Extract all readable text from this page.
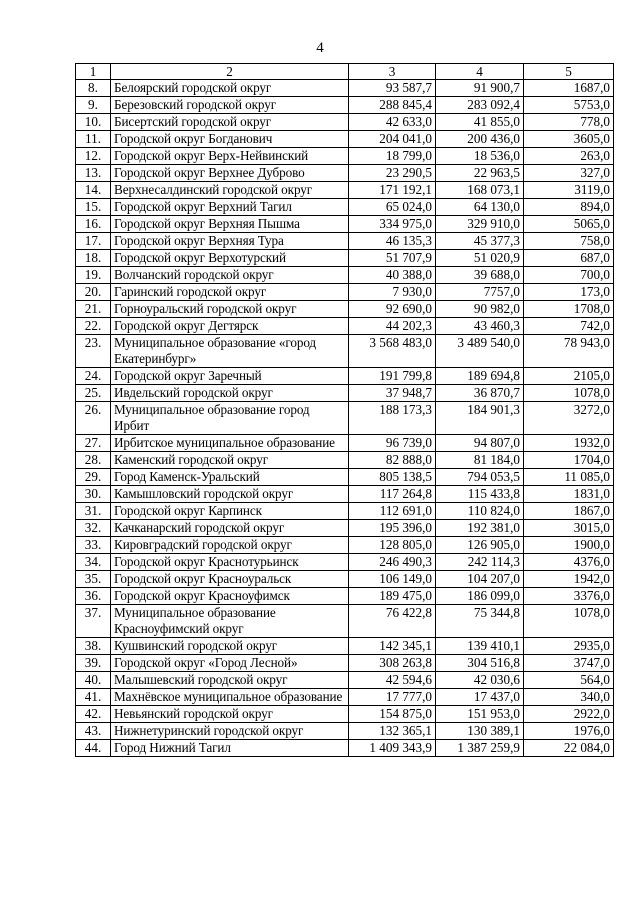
4
1	2	3	4	5
8.	Белоярский городской округ	93 587,7	91 900,7	1687,0
9.	Березовский городской округ	288 845,4	283 092,4	5753,0
10.	Бисертский городской округ	42 633,0	41 855,0	778,0
11.	Городской округ Богданович	204 041,0	200 436,0	3605,0
12.	Городской округ Верх-Нейвинский	18 799,0	18 536,0	263,0
13.	Городской округ Верхнее Дуброво	23 290,5	22 963,5	327,0
14.	Верхнесалдинский городской округ	171 192,1	168 073,1	3119,0
15.	Городской округ Верхний Тагил	65 024,0	64 130,0	894,0
16.	Городской округ Верхняя Пышма	334 975,0	329 910,0	5065,0
17.	Городской округ Верхняя Тура	46 135,3	45 377,3	758,0
18.	Городской округ Верхотурский	51 707,9	51 020,9	687,0
19.	Волчанский городской округ	40 388,0	39 688,0	700,0
20.	Гаринский городской округ	7 930,0	7757,0	173,0
21.	Горноуральский городской округ	92 690,0	90 982,0	1708,0
22.	Городской округ Дегтярск	44 202,3	43 460,3	742,0
23.	Муниципальное образование «город Екатеринбург»	3 568 483,0	3 489 540,0	78 943,0
24.	Городской округ Заречный	191 799,8	189 694,8	2105,0
25.	Ивдельский городской округ	37 948,7	36 870,7	1078,0
26.	Муниципальное образование город Ирбит	188 173,3	184 901,3	3272,0
27.	Ирбитское муниципальное образование	96 739,0	94 807,0	1932,0
28.	Каменский городской округ	82 888,0	81 184,0	1704,0
29.	Город Каменск-Уральский	805 138,5	794 053,5	11 085,0
30.	Камышловский городской округ	117 264,8	115 433,8	1831,0
31.	Городской округ Карпинск	112 691,0	110 824,0	1867,0
32.	Качканарский городской округ	195 396,0	192 381,0	3015,0
33.	Кировградский городской округ	128 805,0	126 905,0	1900,0
34.	Городской округ Краснотурьинск	246 490,3	242 114,3	4376,0
35.	Городской округ Красноуральск	106 149,0	104 207,0	1942,0
36.	Городской округ Красноуфимск	189 475,0	186 099,0	3376,0
37.	Муниципальное образование Красноуфимский округ	76 422,8	75 344,8	1078,0
38.	Кушвинский городской округ	142 345,1	139 410,1	2935,0
39.	Городской округ «Город Лесной»	308 263,8	304 516,8	3747,0
40.	Малышевский городской округ	42 594,6	42 030,6	564,0
41.	Махнёвское муниципальное образование	17 777,0	17 437,0	340,0
42.	Невьянский городской округ	154 875,0	151 953,0	2922,0
43.	Нижнетуринский городской округ	132 365,1	130 389,1	1976,0
44.	Город Нижний Тагил	1 409 343,9	1 387 259,9	22 084,0
